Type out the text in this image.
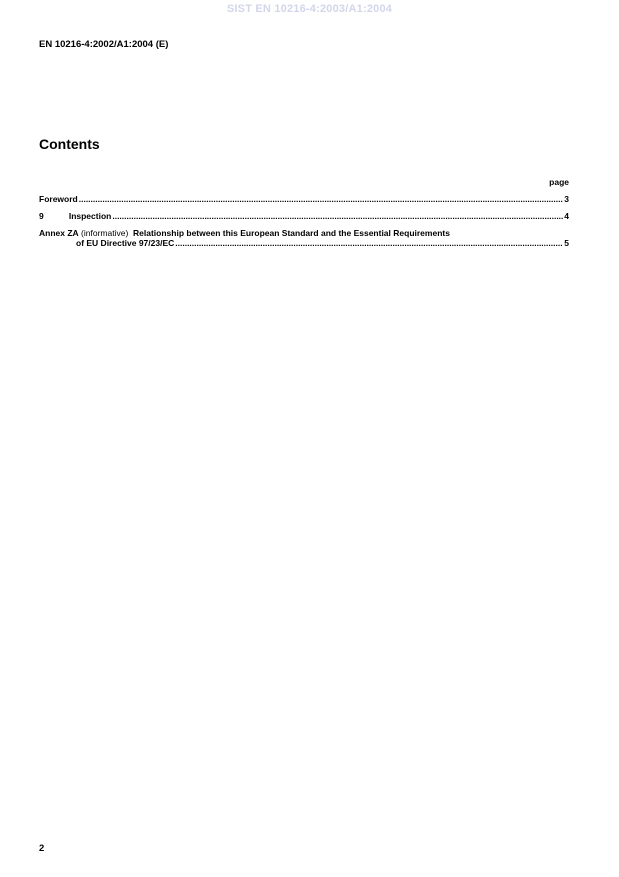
SIST EN 10216-4:2003/A1:2004
EN 10216-4:2002/A1:2004 (E)
Contents
page
Foreword .....	3
9	Inspection .....	4
Annex ZA
(informative)
Relationship between this European Standard and the Essential Requirements
of EU Directive 97/23/EC .....	5
2
